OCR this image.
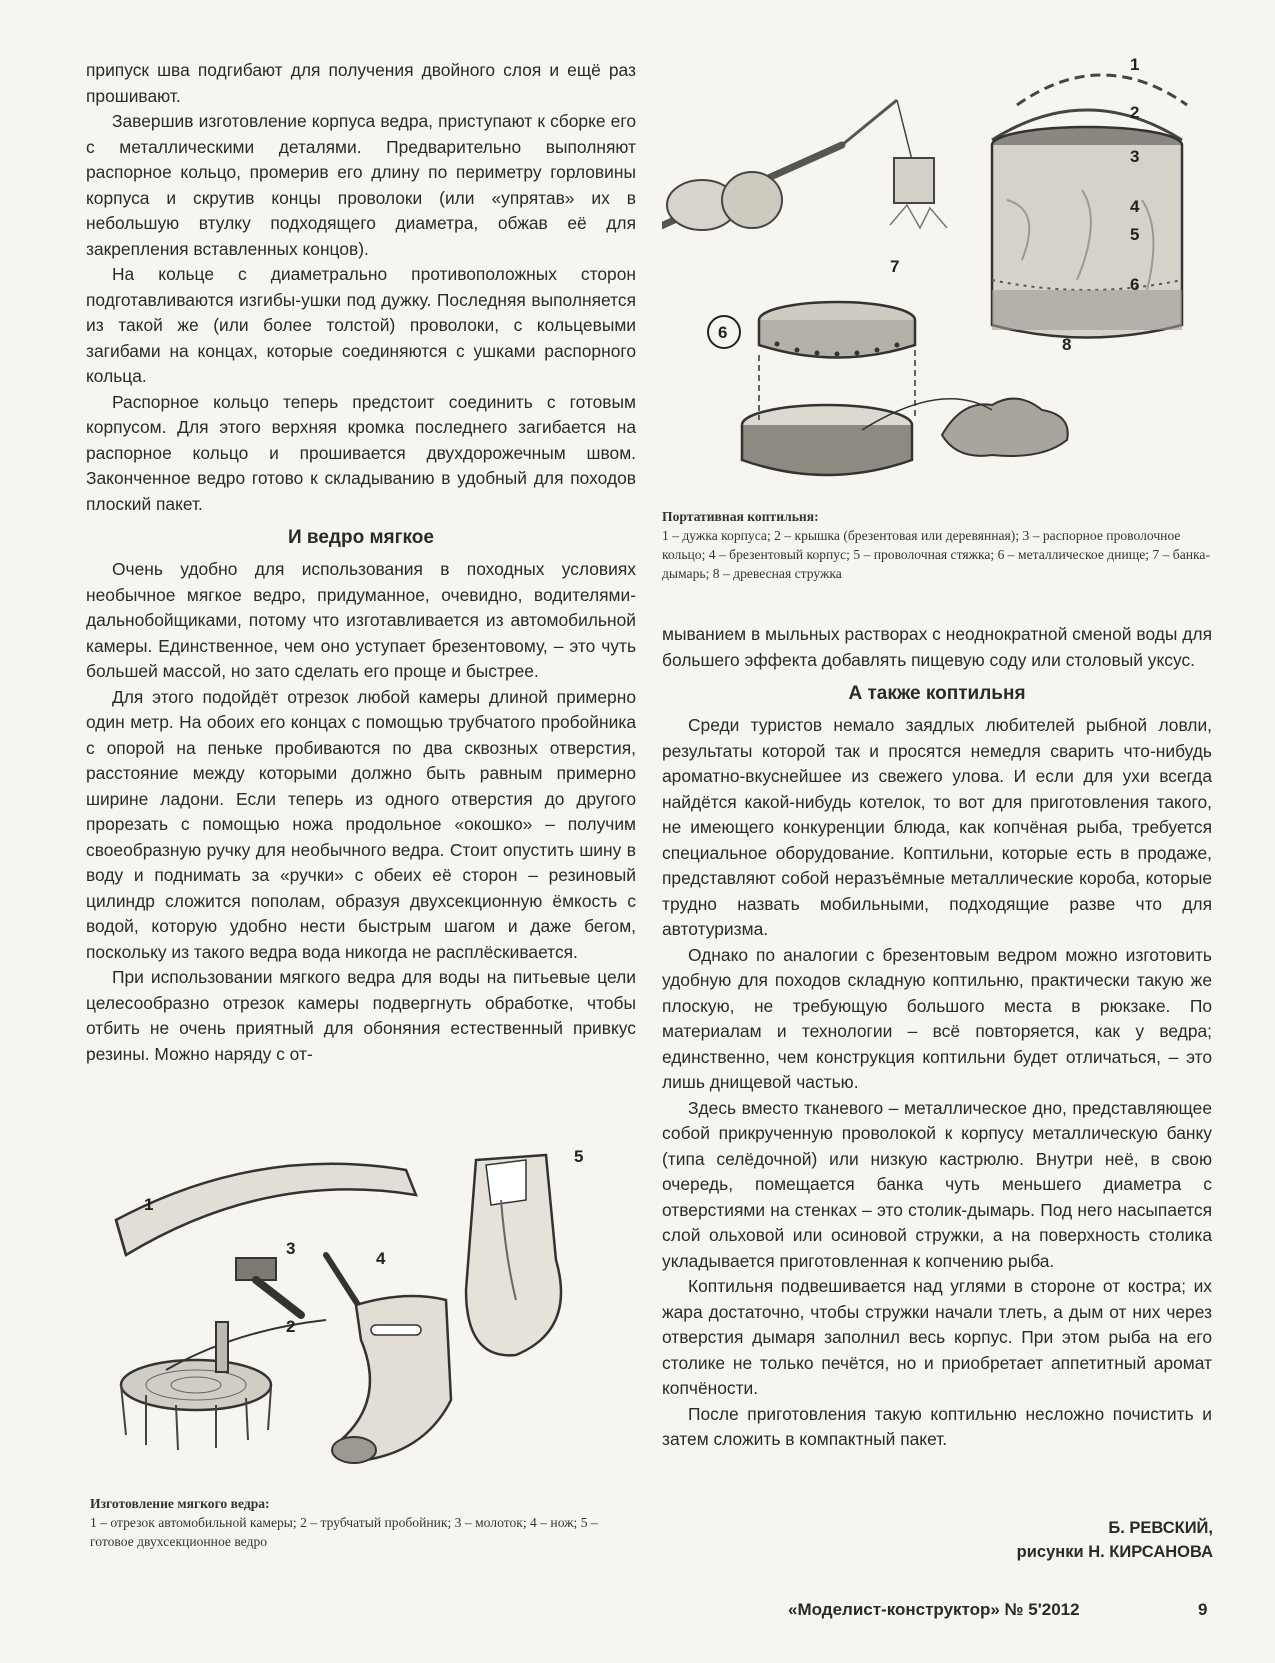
припуск шва подгибают для получения двойного слоя и ещё раз прошивают.

Завершив изготовление корпуса ведра, приступают к сборке его с металлическими деталями. Предварительно выполняют распорное кольцо, промерив его длину по периметру горловины корпуса и скрутив концы проволоки (или «упрятав» их в небольшую втулку подходящего диаметра, обжав её для закрепления вставленных концов).

На кольце с диаметрально противоположных сторон подготавливаются изгибы-ушки под дужку. Последняя выполняется из такой же (или более толстой) проволоки, с кольцевыми загибами на концах, которые соединяются с ушками распорного кольца.

Распорное кольцо теперь предстоит соединить с готовым корпусом. Для этого верхняя кромка последнего загибается на распорное кольцо и прошивается двухдорожечным швом. Законченное ведро готово к складыванию в удобный для походов плоский пакет.

И ведро мягкое

Очень удобно для использования в походных условиях необычное мягкое ведро, придуманное, очевидно, водителями-дальнобойщиками, потому что изготавливается из автомобильной камеры. Единственное, чем оно уступает брезентовому, – это чуть большей массой, но зато сделать его проще и быстрее.

Для этого подойдёт отрезок любой камеры длиной примерно один метр. На обоих его концах с помощью трубчатого пробойника с опорой на пеньке пробиваются по два сквозных отверстия, расстояние между которыми должно быть равным примерно ширине ладони. Если теперь из одного отверстия до другого прорезать с помощью ножа продольное «окошко» – получим своеобразную ручку для необычного ведра. Стоит опустить шину в воду и поднимать за «ручки» с обеих её сторон – резиновый цилиндр сложится пополам, образуя двухсекционную ёмкость с водой, которую удобно нести быстрым шагом и даже бегом, поскольку из такого ведра вода никогда не расплёскивается.

При использовании мягкого ведра для воды на питьевые цели целесообразно отрезок камеры подвергнуть обработке, чтобы отбить не очень приятный для обоняния естественный привкус резины. Можно наряду с от-

1
2
3
4
5
6
7
8
6
Портативная коптильня:
1 – дужка корпуса; 2 – крышка (брезентовая или деревянная); 3 – распорное проволочное кольцо; 4 – брезентовый корпус; 5 – проволочная стяжка; 6 – металлическое днище; 7 – банка-дымарь; 8 – древесная стружка

мыванием в мыльных растворах с неоднократной сменой воды для большего эффекта добавлять пищевую соду или столовый уксус.

А также коптильня

Среди туристов немало заядлых любителей рыбной ловли, результаты которой так и просятся немедля сварить что-нибудь ароматно-вкуснейшее из свежего улова. И если для ухи всегда найдётся какой-нибудь котелок, то вот для приготовления такого, не имеющего конкуренции блюда, как копчёная рыба, требуется специальное оборудование. Коптильни, которые есть в продаже, представляют собой неразъёмные металлические короба, которые трудно назвать мобильными, подходящие разве что для автотуризма.

Однако по аналогии с брезентовым ведром можно изготовить удобную для походов складную коптильню, практически такую же плоскую, не требующую большого места в рюкзаке. По материалам и технологии – всё повторяется, как у ведра; единственно, чем конструкция коптильни будет отличаться, – это лишь днищевой частью.

Здесь вместо тканевого – металлическое дно, представляющее собой прикрученную проволокой к корпусу металлическую банку (типа селёдочной) или низкую кастрюлю. Внутри неё, в свою очередь, помещается банка чуть меньшего диаметра с отверстиями на стенках – это столик-дымарь. Под него насыпается слой ольховой или осиновой стружки, а на поверхность столика укладывается приготовленная к копчению рыба.

Коптильня подвешивается над углями в стороне от костра; их жара достаточно, чтобы стружки начали тлеть, а дым от них через отверстия дымаря заполнил весь корпус. При этом рыба на его столике не только печётся, но и приобретает аппетитный аромат копчёности.

После приготовления такую коптильню несложно почистить и затем сложить в компактный пакет.

3
4
5
1
2
Изготовление мягкого ведра:
1 – отрезок автомобильной камеры; 2 – трубчатый пробойник; 3 – молоток; 4 – нож; 5 – готовое двухсекционное ведро
Б. РЕВСКИЙ,
рисунки Н. КИРСАНОВА
«Моделист-конструктор» № 5'2012	9
